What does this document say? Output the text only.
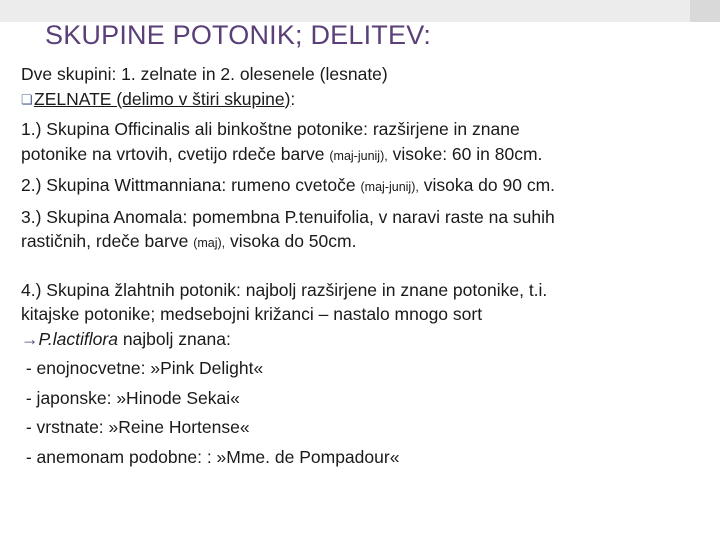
SKUPINE POTONIK; DELITEV:
Dve skupini: 1. zelnate in 2. olesenele (lesnate)
❏ZELNATE (delimo v štiri skupine):
1.) Skupina Officinalis ali binkoštne potonike: razširjene in znane
potonike na vrtovih, cvetijo rdeče barve (maj-junij), visoke: 60 in 80cm.
2.) Skupina Wittmanniana: rumeno cvetoče (maj-junij), visoka do 90 cm.
3.) Skupina Anomala: pomembna P.tenuifolia, v naravi raste na suhih
rastičnih, rdeče barve (maj), visoka do 50cm.
4.) Skupina žlahtnih potonik: najbolj razširjene in znane potonike, t.i.
kitajske potonike; medsebojni križanci – nastalo mnogo sort
→P.lactiflora najbolj znana:
- enojnocvetne: »Pink Delight«
- japonske: »Hinode Sekai«
- vrstnate: »Reine Hortense«
- anemonam podobne: : »Mme. de Pompadour«
